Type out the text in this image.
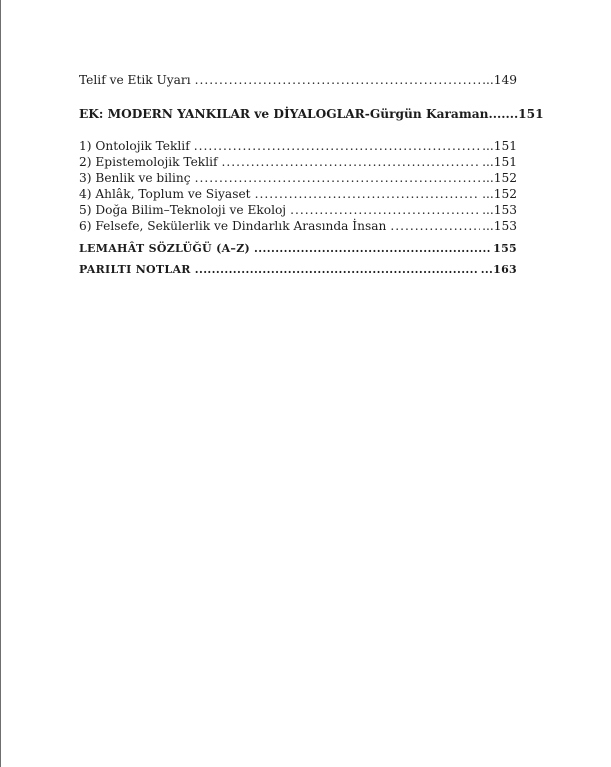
Telif ve Etik Uyarı .....	...149
EK: MODERN YANKILAR ve DİYALOGLAR-Gürgün Karaman .......151
1) Ontolojik Teklif .....	...151
2) Epistemolojik Teklif .....	...151
3) Benlik ve bilinç .....	...152
4) Ahlâk, Toplum ve Siyaset .....	...152
5) Doğa Bilim–Teknoloji ve Ekoloj .....	...153
6) Felsefe, Sekülerlik ve Dindarlık Arasında İnsan .....	...153
LEMAHÂT SÖZLÜĞÜ (A–Z) .....	155
PARILTI NOTLAR .....	...163
